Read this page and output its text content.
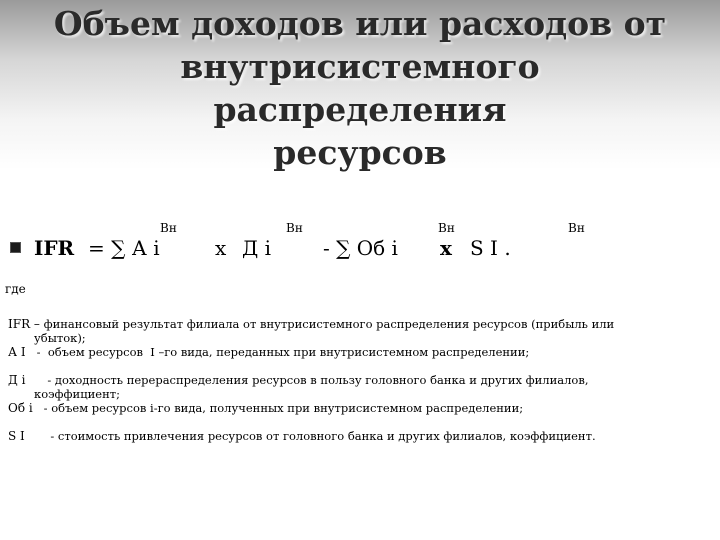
Объем доходов или расходов от
внутрисистемного распределения
ресурсов
Вн	Вн	Вн	Вн
IFR = ∑ А i	x Д i	- ∑ Об i x S I .
где

IFR – финансовый результат филиала от внутрисистемного распределения ресурсов (прибыль или
убыток);

А I   -  объем ресурсов  I –го вида, переданных при внутрисистемном распределении;

Д i      - доходность перераспределения ресурсов в пользу головного банка и других филиалов,
коэффициент;

Об i   - объем ресурсов i-го вида, полученных при внутрисистемном распределении;

S I       - стоимость привлечения ресурсов от головного банка и других филиалов, коэффициент.
